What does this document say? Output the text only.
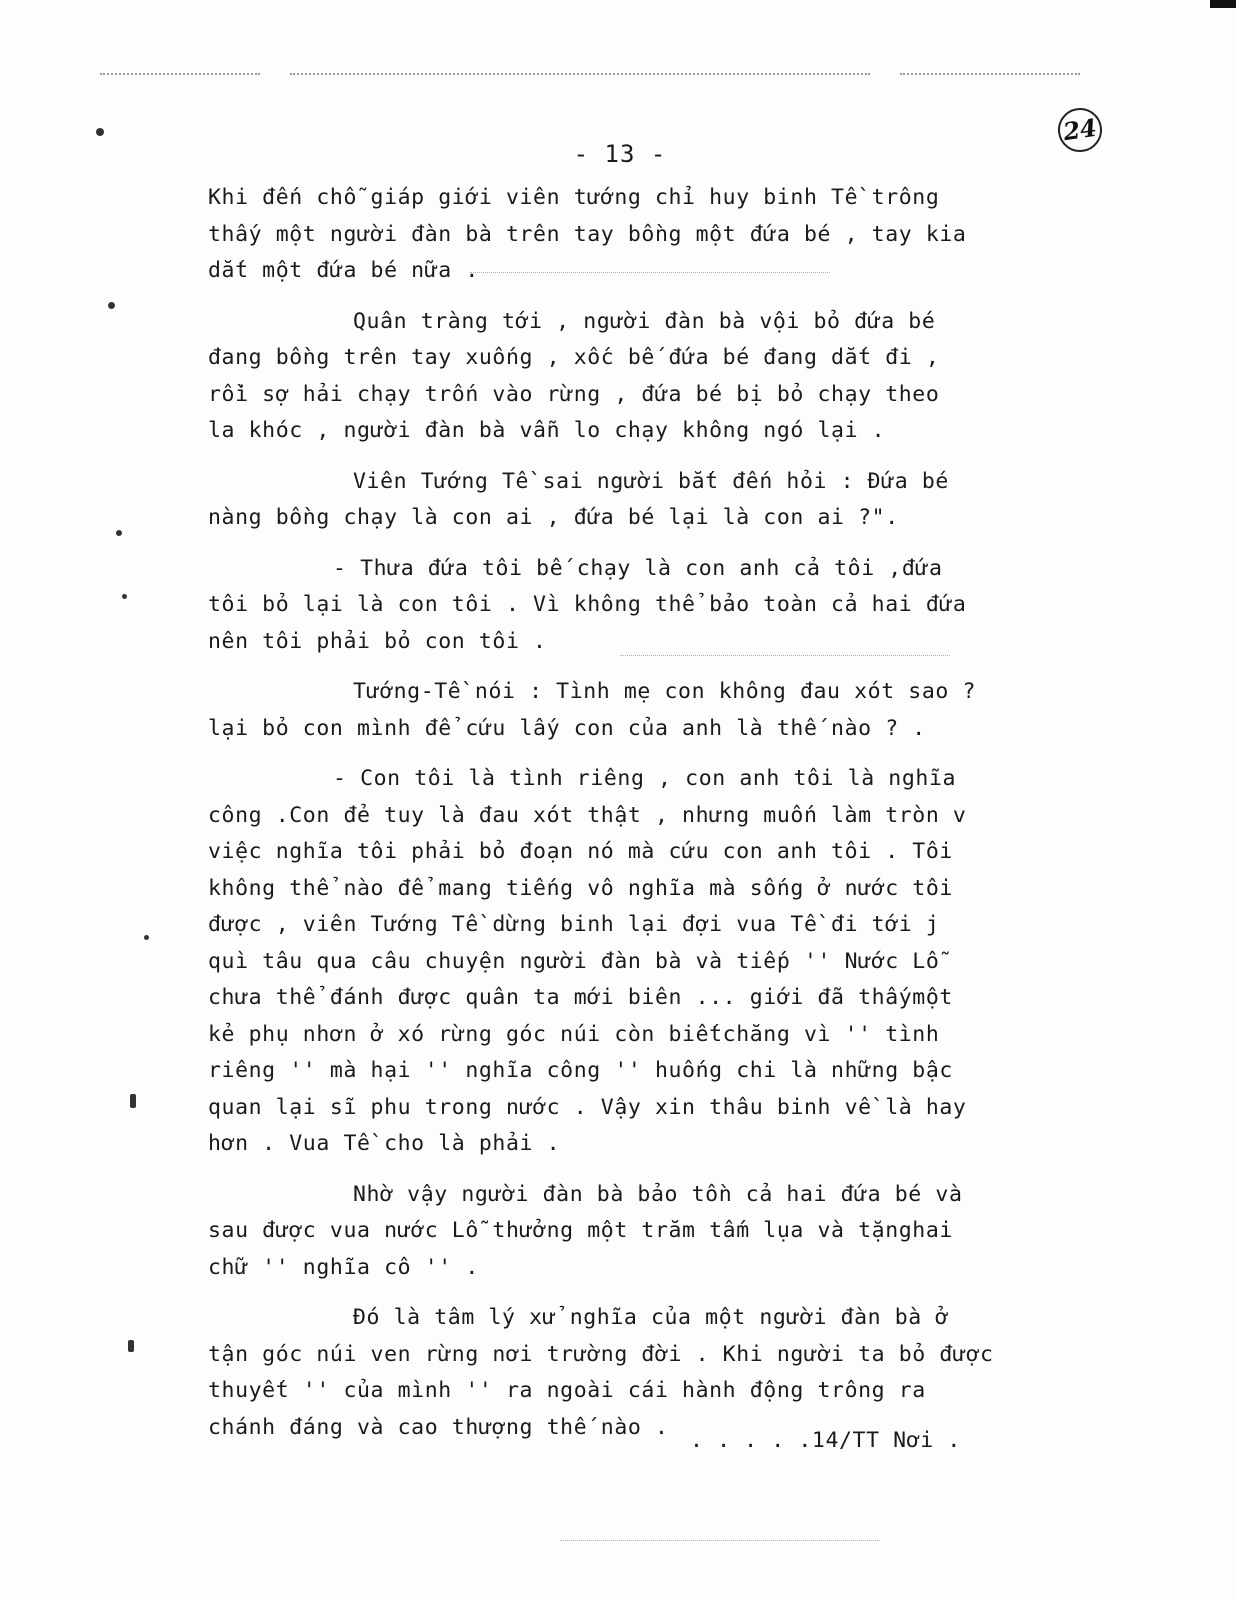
24
- 13 -
Khi đến chỗ giáp giới viên tướng chỉ huy binh Tề trông
thấy một người đàn bà trên tay bồng một đứa bé , tay kia
dắt một đứa bé nữa .
Quân tràng tới , người đàn bà vội bỏ đứa bé
đang bồng trên tay xuống , xốc bế đứa bé đang dắt đi ,
rồi sợ hải chạy trốn vào rừng , đứa bé bị bỏ chạy theo
la khóc , người đàn bà vẫn lo chạy không ngó lại .
Viên Tướng Tề sai người bắt đến hỏi : Đứa bé
nàng bồng chạy là con ai , đứa bé lại là con ai ?".
- Thưa đứa tôi bế chạy là con anh cả tôi ,đứa
tôi bỏ lại là con tôi . Vì không thể bảo toàn cả hai đứa
nên tôi phải bỏ con tôi .
Tướng-Tề nói : Tình mẹ con không đau xót sao ?
lại bỏ con mình để cứu lấy con của anh là thế nào ? .
- Con tôi là tình riêng , con anh tôi là nghĩa
công .Con đẻ tuy là đau xót thật , nhưng muốn làm tròn v
việc nghĩa tôi phải bỏ đoạn nó mà cứu con anh tôi . Tôi
không thể nào để mang tiếng vô nghĩa mà sống ở nước tôi
được , viên Tướng Tề dừng binh lại đợi vua Tề đi tới j
quì tâu qua câu chuyện người đàn bà và tiếp '' Nước Lỗ
chưa thể đánh được quân ta mới biên ... giới đã thấymột
kẻ phụ nhơn ở xó rừng góc núi còn biếtchăng vì '' tình
riêng '' mà hại '' nghĩa công '' huống chi là những bậc
quan lại sĩ phu trong nước . Vậy xin thâu binh về là hay
hơn . Vua Tề cho là phải .
Nhờ vậy người đàn bà bảo tồn cả hai đứa bé và
sau được vua nước Lỗ thưởng một trăm tấm lụa và tặnghai
chữ '' nghĩa cô '' .
Đó là tâm lý xử nghĩa của một người đàn bà ở
tận góc núi ven rừng nơi trường đời . Khi người ta bỏ được
thuyết '' của mình '' ra ngoài cái hành động trông ra
chánh đáng và cao thượng thế nào .
. . . . .14/TT Nơi .
